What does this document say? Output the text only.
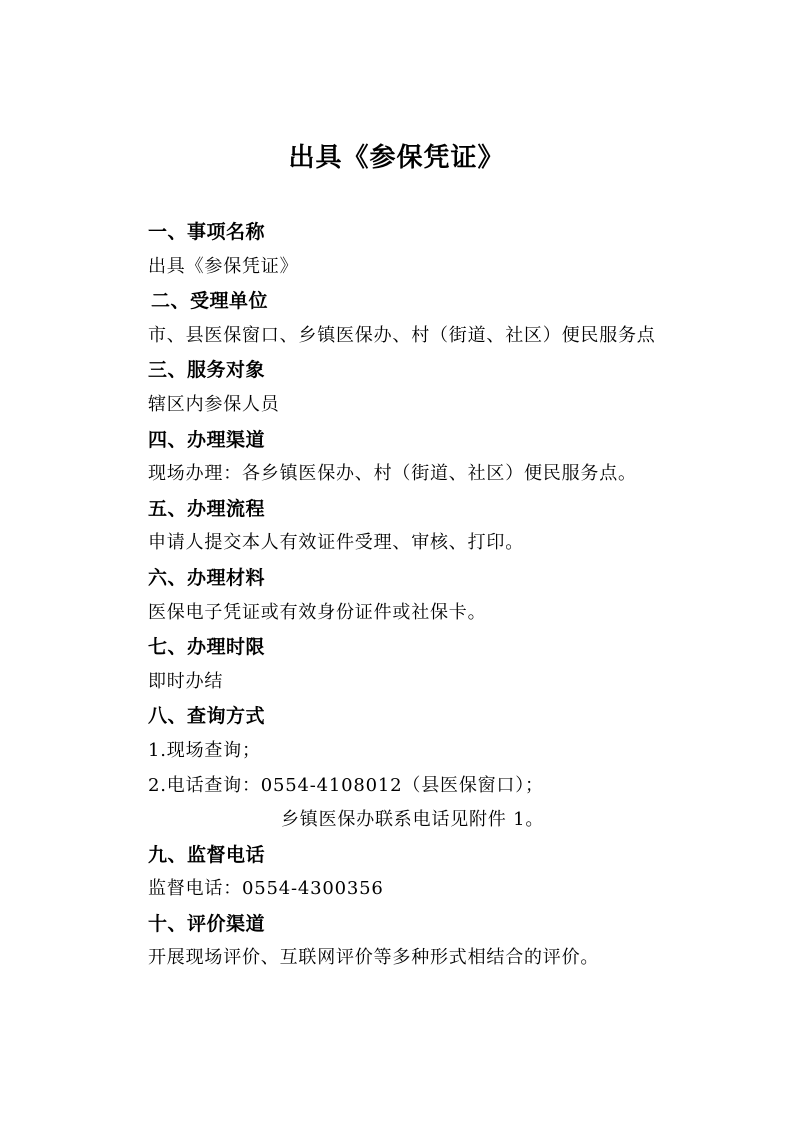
出具《参保凭证》
一、事项名称
出具《参保凭证》
二、受理单位
市、县医保窗口、乡镇医保办、村（街道、社区）便民服务点
三、服务对象
辖区内参保人员
四、办理渠道
现场办理：各乡镇医保办、村（街道、社区）便民服务点。
五、办理流程
申请人提交本人有效证件受理、审核、打印。
六、办理材料
医保电子凭证或有效身份证件或社保卡。
七、办理时限
即时办结
八、查询方式
1.现场查询；
2.电话查询：0554-4108012（县医保窗口）；
乡镇医保办联系电话见附件 1。
九、监督电话
监督电话：0554-4300356
十、评价渠道
开展现场评价、互联网评价等多种形式相结合的评价。
